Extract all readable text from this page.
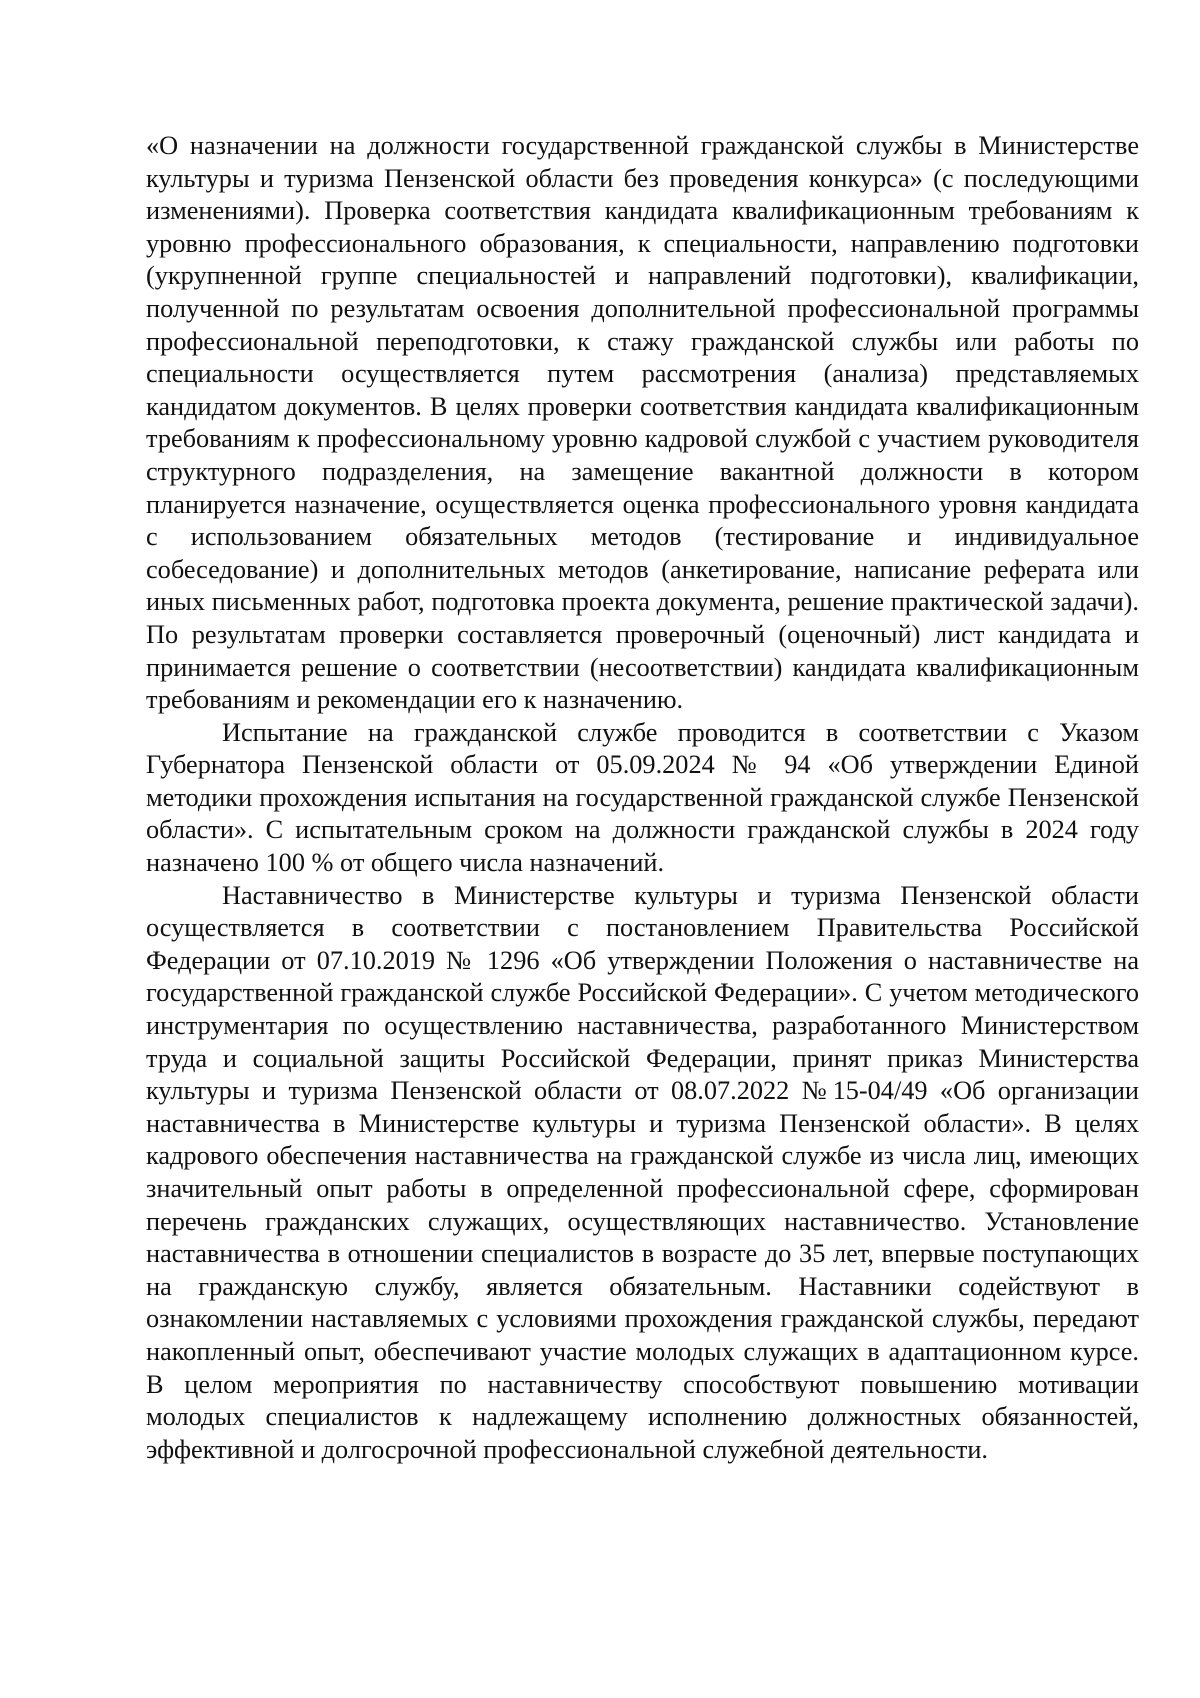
«О назначении на должности государственной гражданской службы в Министерстве культуры и туризма Пензенской области без проведения конкурса» (с последующими изменениями). Проверка соответствия кандидата квалификационным требованиям к уровню профессионального образования, к специальности, направлению подготовки (укрупненной группе специальностей и направлений подготовки), квалификации, полученной по результатам освоения дополнительной профессиональной программы профессиональной переподготовки, к стажу гражданской службы или работы по специальности осуществляется путем рассмотрения (анализа) представляемых кандидатом документов. В целях проверки соответствия кандидата квалификационным требованиям к профессиональному уровню кадровой службой с участием руководителя структурного подразделения, на замещение вакантной должности в котором планируется назначение, осуществляется оценка профессионального уровня кандидата с использованием обязательных методов (тестирование и индивидуальное собеседование) и дополнительных методов (анкетирование, написание реферата или иных письменных работ, подготовка проекта документа, решение практической задачи). По результатам проверки составляется проверочный (оценочный) лист кандидата и принимается решение о соответствии (несоответствии) кандидата квалификационным требованиям и рекомендации его к назначению.

Испытание на гражданской службе проводится в соответствии с Указом Губернатора Пензенской области от 05.09.2024 № 94 «Об утверждении Единой методики прохождения испытания на государственной гражданской службе Пензенской области». С испытательным сроком на должности гражданской службы в 2024 году назначено 100 % от общего числа назначений.

Наставничество в Министерстве культуры и туризма Пензенской области осуществляется в соответствии с постановлением Правительства Российской Федерации от 07.10.2019 № 1296 «Об утверждении Положения о наставничестве на государственной гражданской службе Российской Федерации». С учетом методического инструментария по осуществлению наставничества, разработанного Министерством труда и социальной защиты Российской Федерации, принят приказ Министерства культуры и туризма Пензенской области от 08.07.2022 №15-04/49 «Об организации наставничества в Министерстве культуры и туризма Пензенской области». В целях кадрового обеспечения наставничества на гражданской службе из числа лиц, имеющих значительный опыт работы в определенной профессиональной сфере, сформирован перечень гражданских служащих, осуществляющих наставничество. Установление наставничества в отношении специалистов в возрасте до 35 лет, впервые поступающих на гражданскую службу, является обязательным. Наставники содействуют в ознакомлении наставляемых с условиями прохождения гражданской службы, передают накопленный опыт, обеспечивают участие молодых служащих в адаптационном курсе. В целом мероприятия по наставничеству способствуют повышению мотивации молодых специалистов к надлежащему исполнению должностных обязанностей, эффективной и долгосрочной профессиональной служебной деятельности.
